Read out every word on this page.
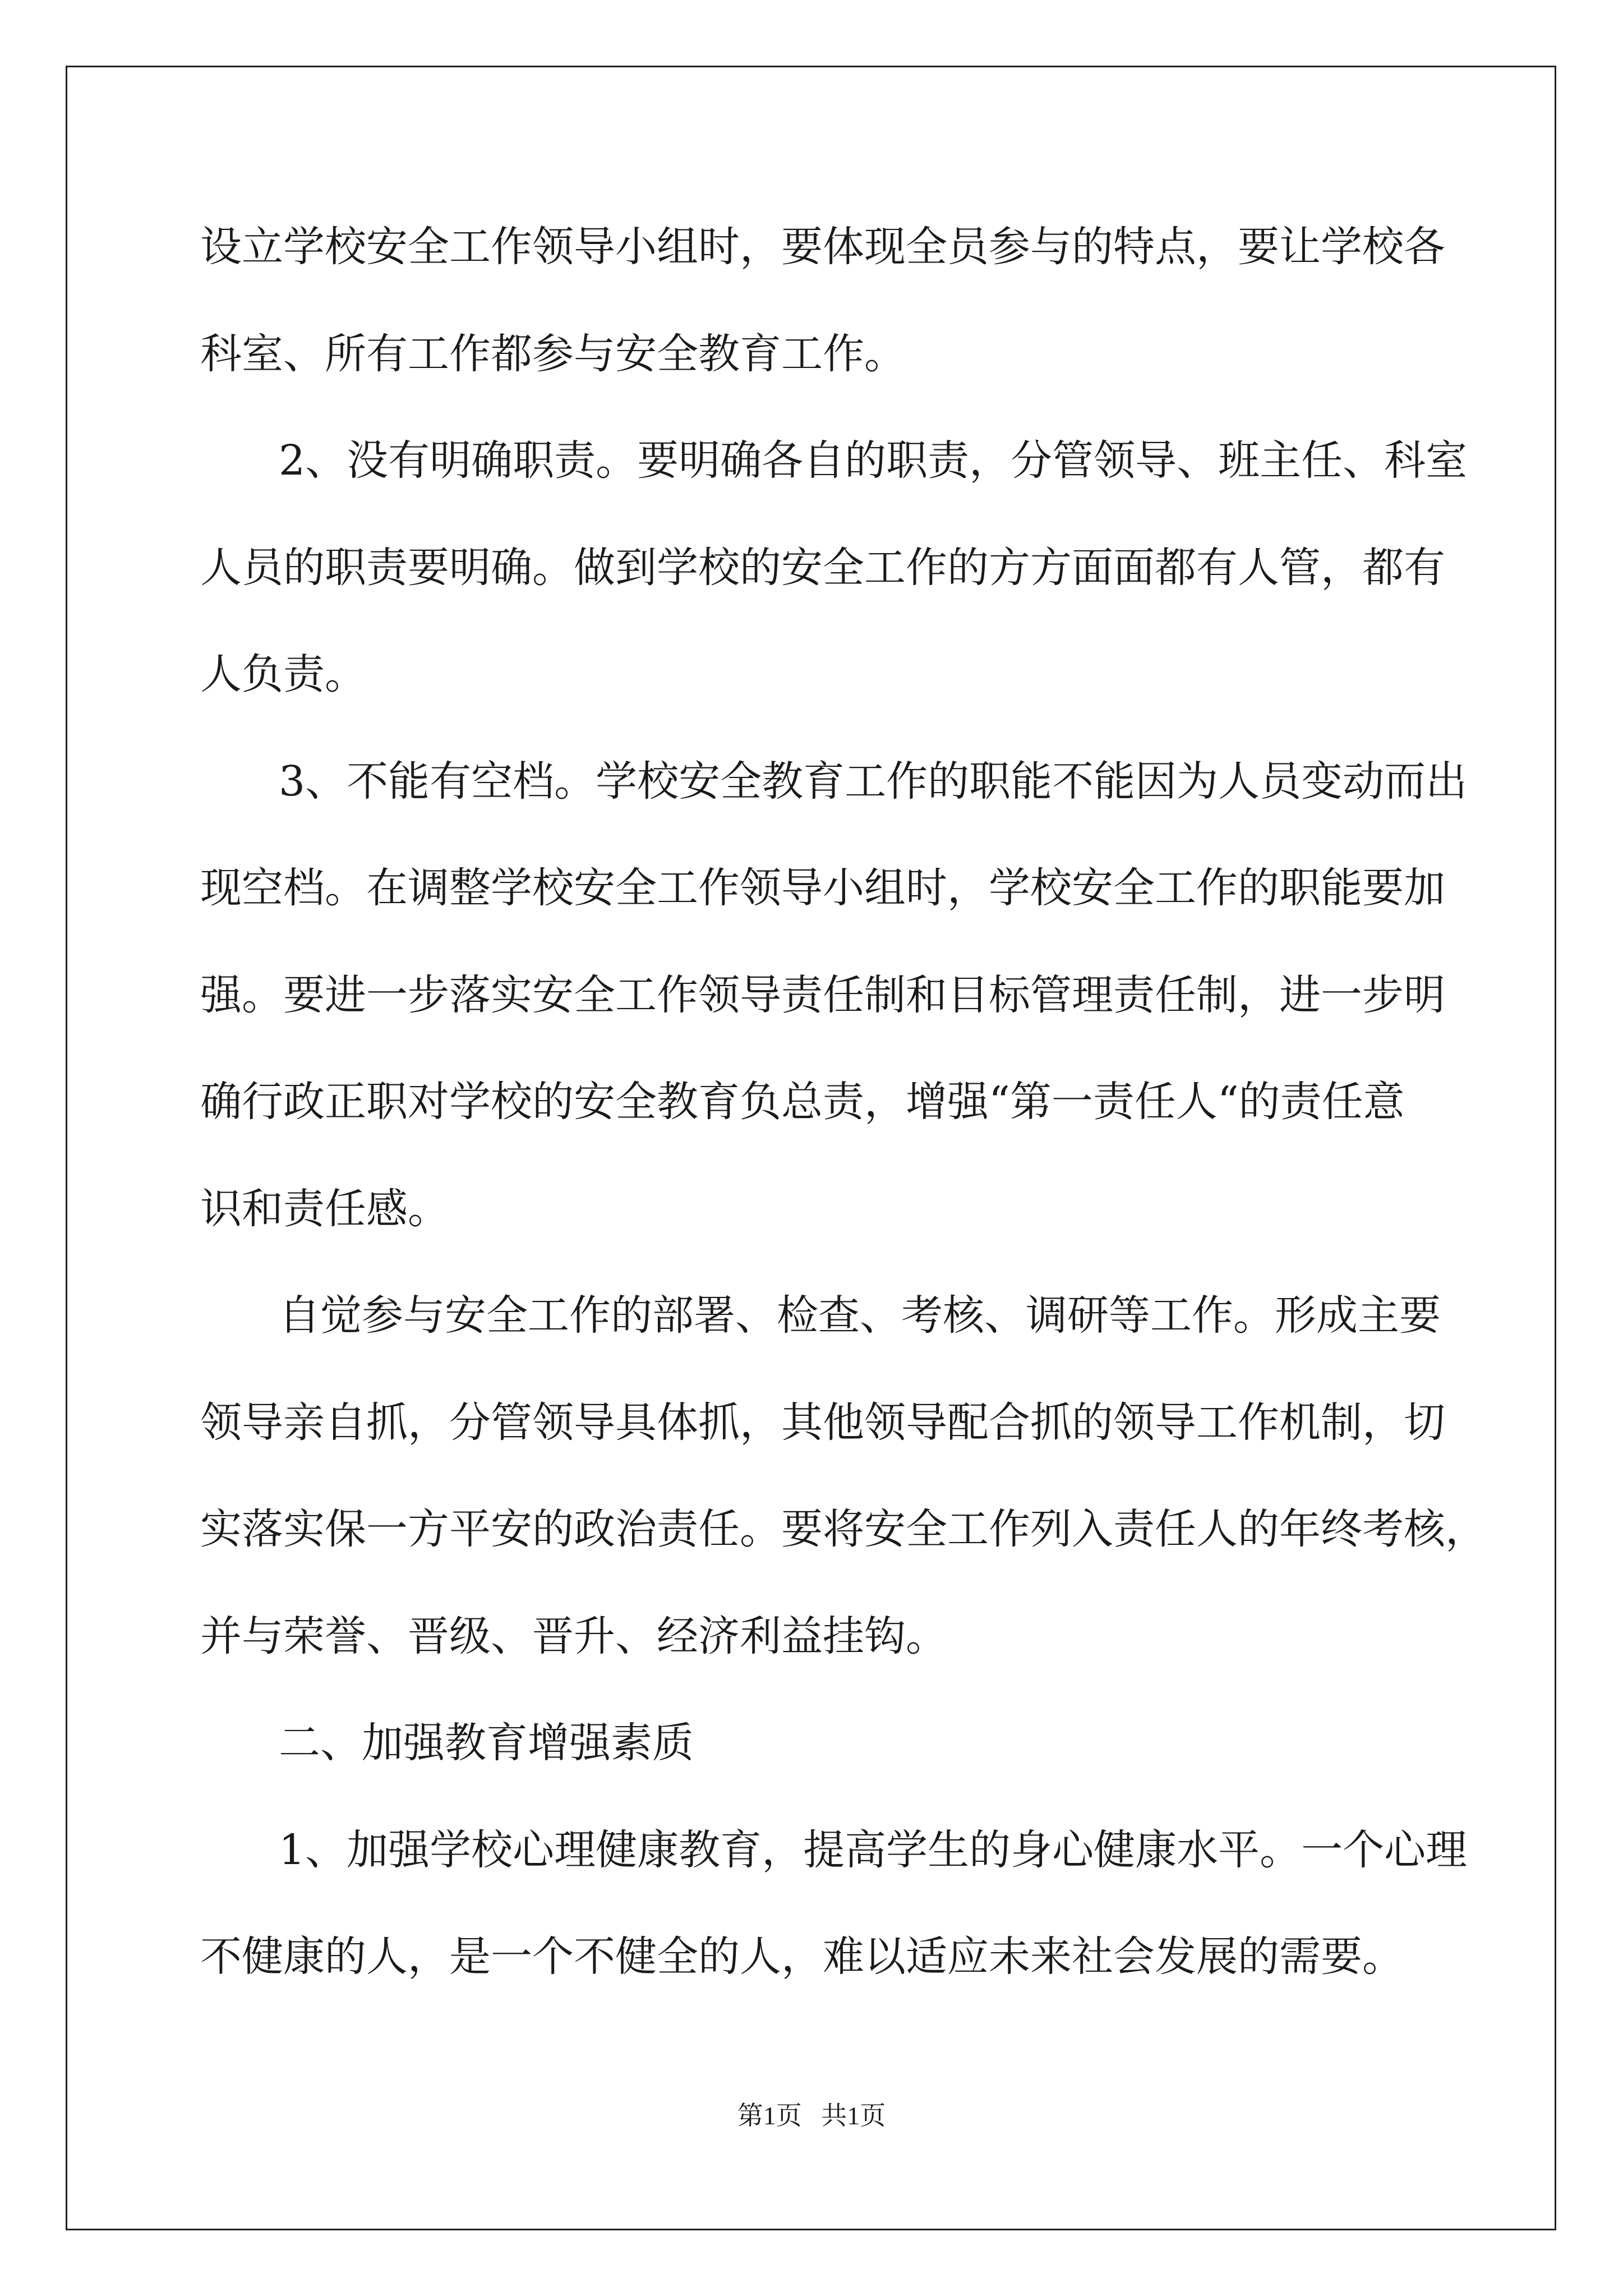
设立学校安全工作领导小组时，要体现全员参与的特点，要让学校各
科室、所有工作都参与安全教育工作。
2、没有明确职责。要明确各自的职责，分管领导、班主任、科室
人员的职责要明确。做到学校的安全工作的方方面面都有人管，都有
人负责。
3、不能有空档。学校安全教育工作的职能不能因为人员变动而出
现空档。在调整学校安全工作领导小组时，学校安全工作的职能要加
强。要进一步落实安全工作领导责任制和目标管理责任制，进一步明
确行政正职对学校的安全教育负总责，增强“第一责任人“的责任意
识和责任感。
自觉参与安全工作的部署、检查、考核、调研等工作。形成主要
领导亲自抓，分管领导具体抓，其他领导配合抓的领导工作机制，切
实落实保一方平安的政治责任。要将安全工作列入责任人的年终考核，
并与荣誉、晋级、晋升、经济利益挂钩。
二、加强教育增强素质
1、加强学校心理健康教育，提高学生的身心健康水平。一个心理
不健康的人，是一个不健全的人，难以适应未来社会发展的需要。
第1页   共1页
